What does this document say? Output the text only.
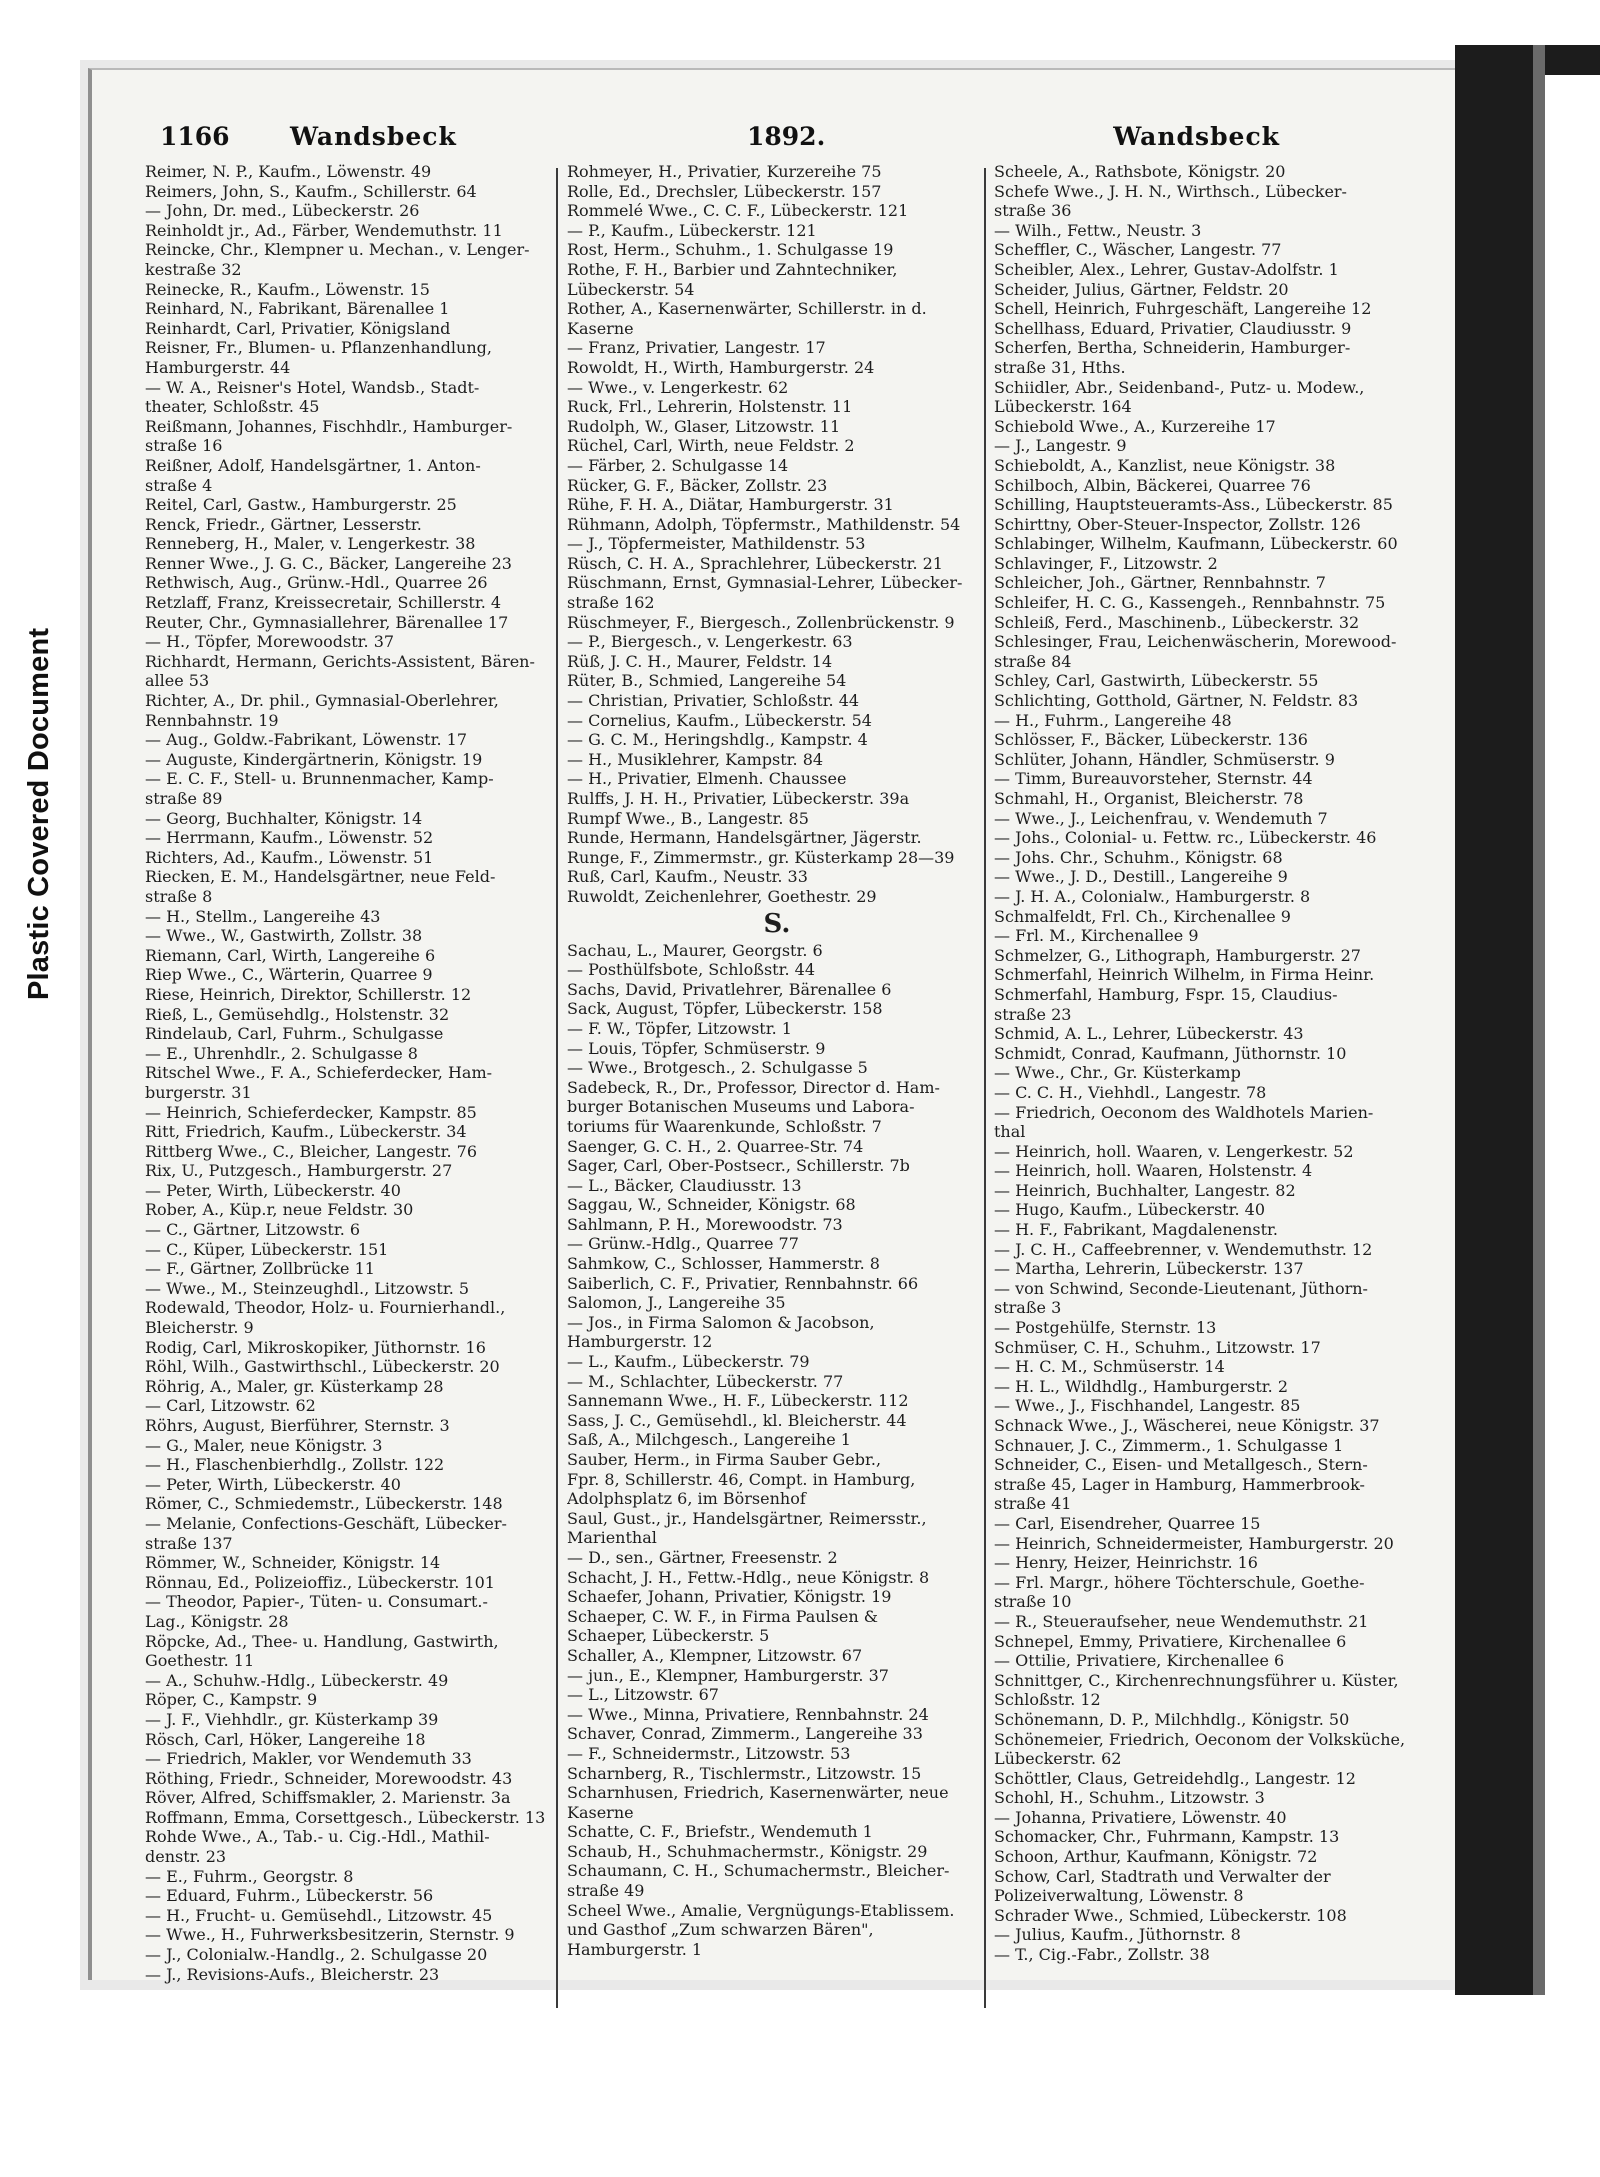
Plastic Covered Document
1166 Wandsbeck	1892.	Wandsbeck
Reimer, N. P., Kaufm., Löwenstr. 49
Reimers, John, S., Kaufm., Schillerstr. 64
— John, Dr. med., Lübeckerstr. 26
Reinholdt jr., Ad., Färber, Wendemuthstr. 11
Reincke, Chr., Klempner u. Mechan., v. Lenger-
kestraße 32
Reinecke, R., Kaufm., Löwenstr. 15
Reinhard, N., Fabrikant, Bärenallee 1
Reinhardt, Carl, Privatier, Königsland
Reisner, Fr., Blumen- u. Pflanzenhandlung,
Hamburgerstr. 44
— W. A., Reisner's Hotel, Wandsb., Stadt-
theater, Schloßstr. 45
Reißmann, Johannes, Fischhdlr., Hamburger-
straße 16
Reißner, Adolf, Handelsgärtner, 1. Anton-
straße 4
Reitel, Carl, Gastw., Hamburgerstr. 25
Renck, Friedr., Gärtner, Lesserstr.
Renneberg, H., Maler, v. Lengerkestr. 38
Renner Wwe., J. G. C., Bäcker, Langereihe 23
Rethwisch, Aug., Grünw.-Hdl., Quarree 26
Retzlaff, Franz, Kreissecretair, Schillerstr. 4
Reuter, Chr., Gymnasiallehrer, Bärenallee 17
— H., Töpfer, Morewoodstr. 37
Richhardt, Hermann, Gerichts-Assistent, Bären-
allee 53
Richter, A., Dr. phil., Gymnasial-Oberlehrer,
Rennbahnstr. 19
— Aug., Goldw.-Fabrikant, Löwenstr. 17
— Auguste, Kindergärtnerin, Königstr. 19
— E. C. F., Stell- u. Brunnenmacher, Kamp-
straße 89
— Georg, Buchhalter, Königstr. 14
— Herrmann, Kaufm., Löwenstr. 52
Richters, Ad., Kaufm., Löwenstr. 51
Riecken, E. M., Handelsgärtner, neue Feld-
straße 8
— H., Stellm., Langereihe 43
— Wwe., W., Gastwirth, Zollstr. 38
Riemann, Carl, Wirth, Langereihe 6
Riep Wwe., C., Wärterin, Quarree 9
Riese, Heinrich, Direktor, Schillerstr. 12
Rieß, L., Gemüsehdlg., Holstenstr. 32
Rindelaub, Carl, Fuhrm., Schulgasse
— E., Uhrenhdlr., 2. Schulgasse 8
Ritschel Wwe., F. A., Schieferdecker, Ham-
burgerstr. 31
— Heinrich, Schieferdecker, Kampstr. 85
Ritt, Friedrich, Kaufm., Lübeckerstr. 34
Rittberg Wwe., C., Bleicher, Langestr. 76
Rix, U., Putzgesch., Hamburgerstr. 27
— Peter, Wirth, Lübeckerstr. 40
Rober, A., Küp.r, neue Feldstr. 30
— C., Gärtner, Litzowstr. 6
— C., Küper, Lübeckerstr. 151
— F., Gärtner, Zollbrücke 11
— Wwe., M., Steinzeughdl., Litzowstr. 5
Rodewald, Theodor, Holz- u. Fournierhandl.,
Bleicherstr. 9
Rodig, Carl, Mikroskopiker, Jüthornstr. 16
Röhl, Wilh., Gastwirthschl., Lübeckerstr. 20
Röhrig, A., Maler, gr. Küsterkamp 28
— Carl, Litzowstr. 62
Röhrs, August, Bierführer, Sternstr. 3
— G., Maler, neue Königstr. 3
— H., Flaschenbierhdlg., Zollstr. 122
— Peter, Wirth, Lübeckerstr. 40
Römer, C., Schmiedemstr., Lübeckerstr. 148
— Melanie, Confections-Geschäft, Lübecker-
straße 137
Römmer, W., Schneider, Königstr. 14
Rönnau, Ed., Polizeioffiz., Lübeckerstr. 101
— Theodor, Papier-, Tüten- u. Consumart.-
Lag., Königstr. 28
Röpcke, Ad., Thee- u. Handlung, Gastwirth,
Goethestr. 11
— A., Schuhw.-Hdlg., Lübeckerstr. 49
Röper, C., Kampstr. 9
— J. F., Viehhdlr., gr. Küsterkamp 39
Rösch, Carl, Höker, Langereihe 18
— Friedrich, Makler, vor Wendemuth 33
Röthing, Friedr., Schneider, Morewoodstr. 43
Röver, Alfred, Schiffsmakler, 2. Marienstr. 3a
Roffmann, Emma, Corsettgesch., Lübeckerstr. 13
Rohde Wwe., A., Tab.- u. Cig.-Hdl., Mathil-
denstr. 23
— E., Fuhrm., Georgstr. 8
— Eduard, Fuhrm., Lübeckerstr. 56
— H., Frucht- u. Gemüsehdl., Litzowstr. 45
— Wwe., H., Fuhrwerksbesitzerin, Sternstr. 9
— J., Colonialw.-Handlg., 2. Schulgasse 20
— J., Revisions-Aufs., Bleicherstr. 23
Rohmeyer, H., Privatier, Kurzereihe 75
Rolle, Ed., Drechsler, Lübeckerstr. 157
Rommelé Wwe., C. C. F., Lübeckerstr. 121
— P., Kaufm., Lübeckerstr. 121
Rost, Herm., Schuhm., 1. Schulgasse 19
Rothe, F. H., Barbier und Zahntechniker,
Lübeckerstr. 54
Rother, A., Kasernenwärter, Schillerstr. in d.
Kaserne
— Franz, Privatier, Langestr. 17
Rowoldt, H., Wirth, Hamburgerstr. 24
— Wwe., v. Lengerkestr. 62
Ruck, Frl., Lehrerin, Holstenstr. 11
Rudolph, W., Glaser, Litzowstr. 11
Rüchel, Carl, Wirth, neue Feldstr. 2
— Färber, 2. Schulgasse 14
Rücker, G. F., Bäcker, Zollstr. 23
Rühe, F. H. A., Diätar, Hamburgerstr. 31
Rühmann, Adolph, Töpfermstr., Mathildenstr. 54
— J., Töpfermeister, Mathildenstr. 53
Rüsch, C. H. A., Sprachlehrer, Lübeckerstr. 21
Rüschmann, Ernst, Gymnasial-Lehrer, Lübecker-
straße 162
Rüschmeyer, F., Biergesch., Zollenbrückenstr. 9
— P., Biergesch., v. Lengerkestr. 63
Rüß, J. C. H., Maurer, Feldstr. 14
Rüter, B., Schmied, Langereihe 54
— Christian, Privatier, Schloßstr. 44
— Cornelius, Kaufm., Lübeckerstr. 54
— G. C. M., Heringshdlg., Kampstr. 4
— H., Musiklehrer, Kampstr. 84
— H., Privatier, Elmenh. Chaussee
Rulffs, J. H. H., Privatier, Lübeckerstr. 39a
Rumpf Wwe., B., Langestr. 85
Runde, Hermann, Handelsgärtner, Jägerstr.
Runge, F., Zimmermstr., gr. Küsterkamp 28—39
Ruß, Carl, Kaufm., Neustr. 33
Ruwoldt, Zeichenlehrer, Goethestr. 29
S.
Sachau, L., Maurer, Georgstr. 6
— Posthülfsbote, Schloßstr. 44
Sachs, David, Privatlehrer, Bärenallee 6
Sack, August, Töpfer, Lübeckerstr. 158
— F. W., Töpfer, Litzowstr. 1
— Louis, Töpfer, Schmüserstr. 9
— Wwe., Brotgesch., 2. Schulgasse 5
Sadebeck, R., Dr., Professor, Director d. Ham-
burger Botanischen Museums und Labora-
toriums für Waarenkunde, Schloßstr. 7
Saenger, G. C. H., 2. Quarree-Str. 74
Sager, Carl, Ober-Postsecr., Schillerstr. 7b
— L., Bäcker, Claudiusstr. 13
Saggau, W., Schneider, Königstr. 68
Sahlmann, P. H., Morewoodstr. 73
— Grünw.-Hdlg., Quarree 77
Sahmkow, C., Schlosser, Hammerstr. 8
Saiberlich, C. F., Privatier, Rennbahnstr. 66
Salomon, J., Langereihe 35
— Jos., in Firma Salomon & Jacobson,
Hamburgerstr. 12
— L., Kaufm., Lübeckerstr. 79
— M., Schlachter, Lübeckerstr. 77
Sannemann Wwe., H. F., Lübeckerstr. 112
Sass, J. C., Gemüsehdl., kl. Bleicherstr. 44
Saß, A., Milchgesch., Langereihe 1
Sauber, Herm., in Firma Sauber Gebr.,
Fpr. 8, Schillerstr. 46, Compt. in Hamburg,
Adolphsplatz 6, im Börsenhof
Saul, Gust., jr., Handelsgärtner, Reimersstr.,
Marienthal
— D., sen., Gärtner, Freesenstr. 2
Schacht, J. H., Fettw.-Hdlg., neue Königstr. 8
Schaefer, Johann, Privatier, Königstr. 19
Schaeper, C. W. F., in Firma Paulsen &
Schaeper, Lübeckerstr. 5
Schaller, A., Klempner, Litzowstr. 67
— jun., E., Klempner, Hamburgerstr. 37
— L., Litzowstr. 67
— Wwe., Minna, Privatiere, Rennbahnstr. 24
Schaver, Conrad, Zimmerm., Langereihe 33
— F., Schneidermstr., Litzowstr. 53
Scharnberg, R., Tischlermstr., Litzowstr. 15
Scharnhusen, Friedrich, Kasernenwärter, neue
Kaserne
Schatte, C. F., Briefstr., Wendemuth 1
Schaub, H., Schuhmachermstr., Königstr. 29
Schaumann, C. H., Schumachermstr., Bleicher-
straße 49
Scheel Wwe., Amalie, Vergnügungs-Etablissem.
und Gasthof „Zum schwarzen Bären",
Hamburgerstr. 1
Scheele, A., Rathsbote, Königstr. 20
Schefe Wwe., J. H. N., Wirthsch., Lübecker-
straße 36
— Wilh., Fettw., Neustr. 3
Scheffler, C., Wäscher, Langestr. 77
Scheibler, Alex., Lehrer, Gustav-Adolfstr. 1
Scheider, Julius, Gärtner, Feldstr. 20
Schell, Heinrich, Fuhrgeschäft, Langereihe 12
Schellhass, Eduard, Privatier, Claudiusstr. 9
Scherfen, Bertha, Schneiderin, Hamburger-
straße 31, Hths.
Schiidler, Abr., Seidenband-, Putz- u. Modew.,
Lübeckerstr. 164
Schiebold Wwe., A., Kurzereihe 17
— J., Langestr. 9
Schieboldt, A., Kanzlist, neue Königstr. 38
Schilboch, Albin, Bäckerei, Quarree 76
Schilling, Hauptsteueramts-Ass., Lübeckerstr. 85
Schirttny, Ober-Steuer-Inspector, Zollstr. 126
Schlabinger, Wilhelm, Kaufmann, Lübeckerstr. 60
Schlavinger, F., Litzowstr. 2
Schleicher, Joh., Gärtner, Rennbahnstr. 7
Schleifer, H. C. G., Kassengeh., Rennbahnstr. 75
Schleiß, Ferd., Maschinenb., Lübeckerstr. 32
Schlesinger, Frau, Leichenwäscherin, Morewood-
straße 84
Schley, Carl, Gastwirth, Lübeckerstr. 55
Schlichting, Gotthold, Gärtner, N. Feldstr. 83
— H., Fuhrm., Langereihe 48
Schlösser, F., Bäcker, Lübeckerstr. 136
Schlüter, Johann, Händler, Schmüserstr. 9
— Timm, Bureauvorsteher, Sternstr. 44
Schmahl, H., Organist, Bleicherstr. 78
— Wwe., J., Leichenfrau, v. Wendemuth 7
— Johs., Colonial- u. Fettw. rc., Lübeckerstr. 46
— Johs. Chr., Schuhm., Königstr. 68
— Wwe., J. D., Destill., Langereihe 9
— J. H. A., Colonialw., Hamburgerstr. 8
Schmalfeldt, Frl. Ch., Kirchenallee 9
— Frl. M., Kirchenallee 9
Schmelzer, G., Lithograph, Hamburgerstr. 27
Schmerfahl, Heinrich Wilhelm, in Firma Heinr.
Schmerfahl, Hamburg, Fspr. 15, Claudius-
straße 23
Schmid, A. L., Lehrer, Lübeckerstr. 43
Schmidt, Conrad, Kaufmann, Jüthornstr. 10
— Wwe., Chr., Gr. Küsterkamp
— C. C. H., Viehhdl., Langestr. 78
— Friedrich, Oeconom des Waldhotels Marien-
thal
— Heinrich, holl. Waaren, v. Lengerkestr. 52
— Heinrich, holl. Waaren, Holstenstr. 4
— Heinrich, Buchhalter, Langestr. 82
— Hugo, Kaufm., Lübeckerstr. 40
— H. F., Fabrikant, Magdalenenstr.
— J. C. H., Caffeebrenner, v. Wendemuthstr. 12
— Martha, Lehrerin, Lübeckerstr. 137
— von Schwind, Seconde-Lieutenant, Jüthorn-
straße 3
— Postgehülfe, Sternstr. 13
Schmüser, C. H., Schuhm., Litzowstr. 17
— H. C. M., Schmüserstr. 14
— H. L., Wildhdlg., Hamburgerstr. 2
— Wwe., J., Fischhandel, Langestr. 85
Schnack Wwe., J., Wäscherei, neue Königstr. 37
Schnauer, J. C., Zimmerm., 1. Schulgasse 1
Schneider, C., Eisen- und Metallgesch., Stern-
straße 45, Lager in Hamburg, Hammerbrook-
straße 41
— Carl, Eisendreher, Quarree 15
— Heinrich, Schneidermeister, Hamburgerstr. 20
— Henry, Heizer, Heinrichstr. 16
— Frl. Margr., höhere Töchterschule, Goethe-
straße 10
— R., Steueraufseher, neue Wendemuthstr. 21
Schnepel, Emmy, Privatiere, Kirchenallee 6
— Ottilie, Privatiere, Kirchenallee 6
Schnittger, C., Kirchenrechnungsführer u. Küster,
Schloßstr. 12
Schönemann, D. P., Milchhdlg., Königstr. 50
Schönemeier, Friedrich, Oeconom der Volksküche,
Lübeckerstr. 62
Schöttler, Claus, Getreidehdlg., Langestr. 12
Schohl, H., Schuhm., Litzowstr. 3
— Johanna, Privatiere, Löwenstr. 40
Schomacker, Chr., Fuhrmann, Kampstr. 13
Schoon, Arthur, Kaufmann, Königstr. 72
Schow, Carl, Stadtrath und Verwalter der
Polizeiverwaltung, Löwenstr. 8
Schrader Wwe., Schmied, Lübeckerstr. 108
— Julius, Kaufm., Jüthornstr. 8
— T., Cig.-Fabr., Zollstr. 38
